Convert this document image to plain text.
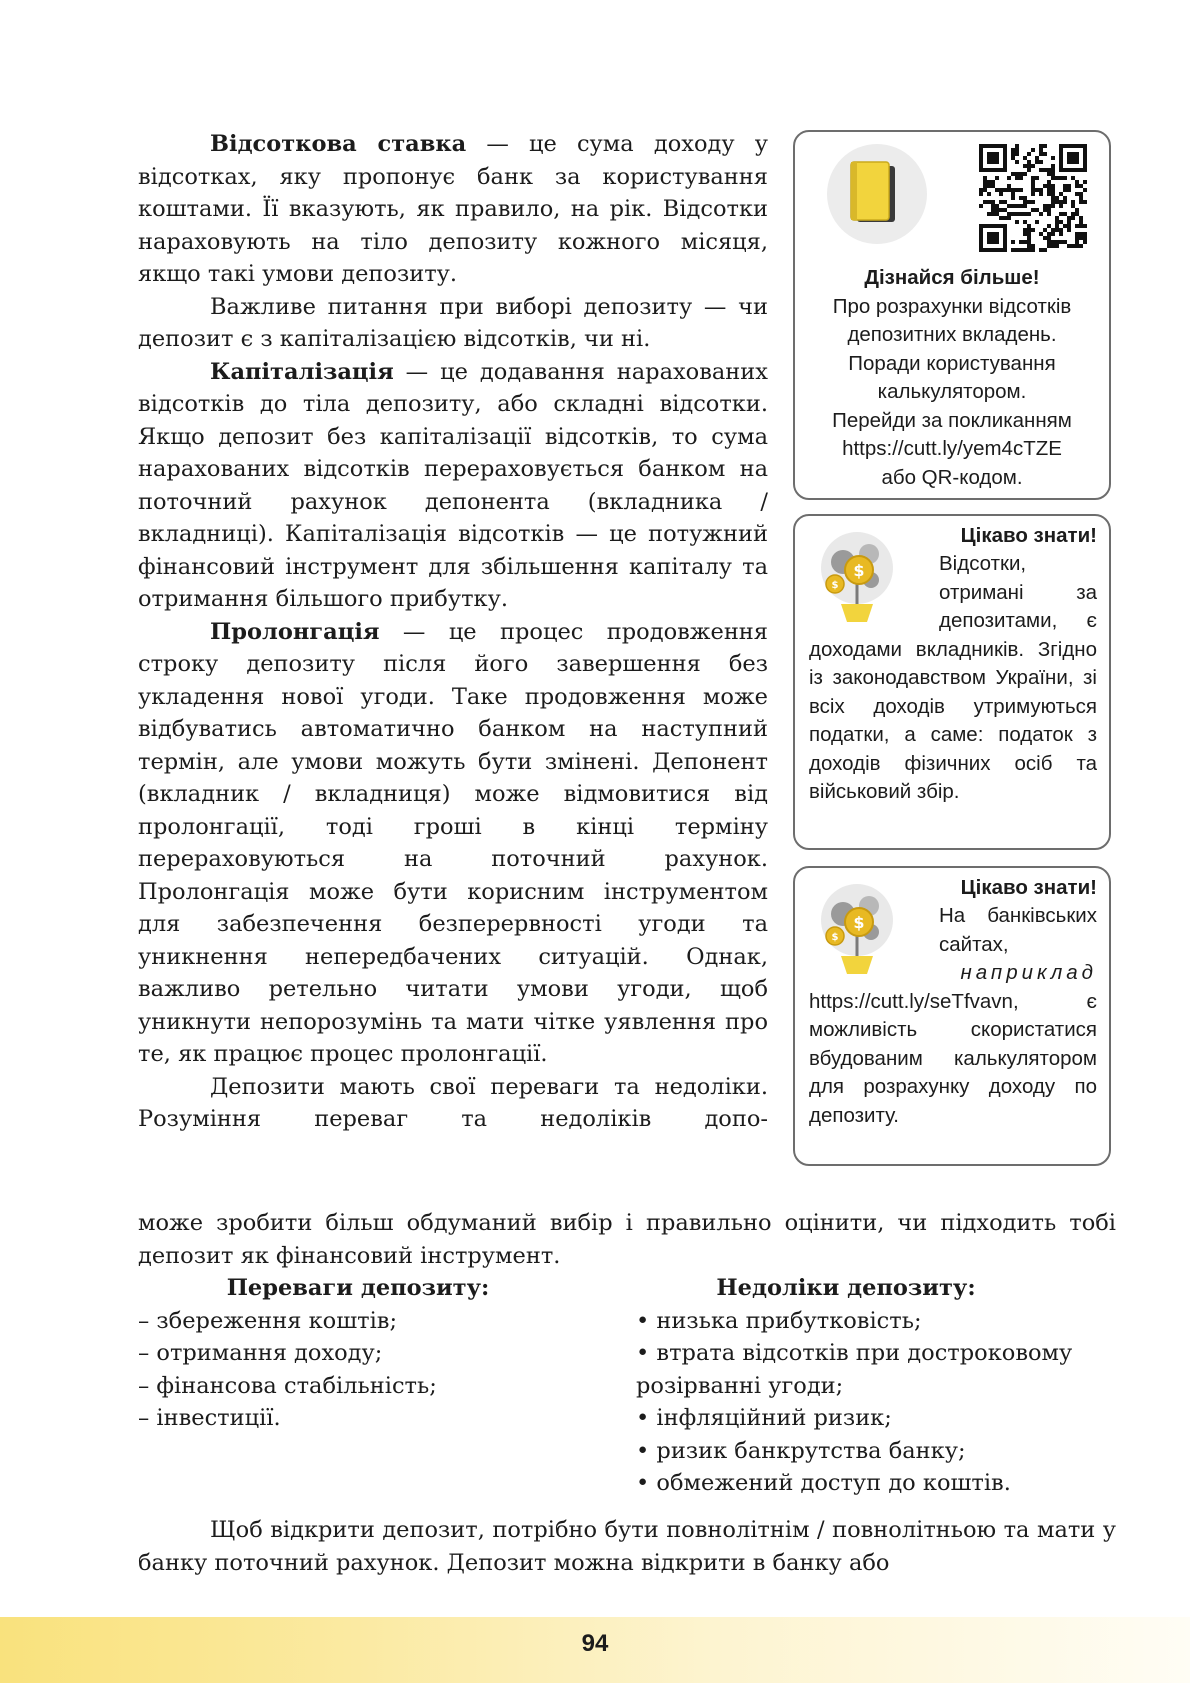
Відсоткова ставка — це сума доходу у відсотках, яку пропонує банк за користування коштами. Її вказують, як правило, на рік. Відсотки нараховують на тіло депозиту кожного місяця, якщо такі умови депозиту.

Важливе питання при виборі депозиту — чи депозит є з капіталізацією відсотків, чи ні.

Капіталізація — це додавання нарахованих відсотків до тіла депозиту, або складні відсотки. Якщо депозит без капіталізації відсотків, то сума нарахованих відсотків перераховується банком на поточний рахунок депонента (вкладника / вкладниці). Капіталізація відсотків — це потужний фінансовий інструмент для збільшення капіталу та отримання більшого прибутку.

Пролонгація — це процес продовження строку депозиту після його завершення без укладення нової угоди. Таке продовження може відбуватись автоматично банком на наступний термін, але умови можуть бути змінені. Депонент (вкладник / вкладниця) може відмовитися від пролонгації, тоді гроші в кінці терміну перераховуються на поточний рахунок. Пролонгація може бути корисним інструментом для забезпечення безперервності угоди та уникнення непередбачених ситуацій. Однак, важливо ретельно читати умови угоди, щоб уникнути непорозумінь та мати чітке уявлення про те, як працює процес пролонгації.

Депозити мають свої переваги та недоліки. Розуміння переваг та недоліків допо-

може зробити більш обдуманий вибір і правильно оцінити, чи підходить тобі депозит як фінансовий інструмент.

Дізнайся більше!
Про розрахунки відсотків депозитних вкладень.
Поради користування калькулятором.
Перейди за покликанням
https://cutt.ly/yem4cTZE
або QR-кодом.
$
$
Цікаво знати!
Відсотки, отримані за депозитами, є
доходами вкладників. Згідно із законодавством України, зі всіх доходів утримуються податки, а саме: податок з доходів фізичних осіб та військовий збір.
$
$
Цікаво знати!
На банківських сайтах,
наприклад
https://cutt.ly/seTfvavn,	є можливість скористатися вбудованим калькулятором для розрахунку доходу по депозиту.
Переваги депозиту:
– збереження коштів;
– отримання доходу;
– фінансова стабільність;
– інвестиції.
Недоліки депозиту:
• низька прибутковість;
• втрата відсотків при достроковому розірванні угоди;
• інфляційний ризик;
• ризик банкрутства банку;
• обмежений доступ до коштів.

Щоб відкрити депозит, потрібно бути повнолітнім / повнолітньою та мати у банку поточний рахунок. Депозит можна відкрити в банку або

94
